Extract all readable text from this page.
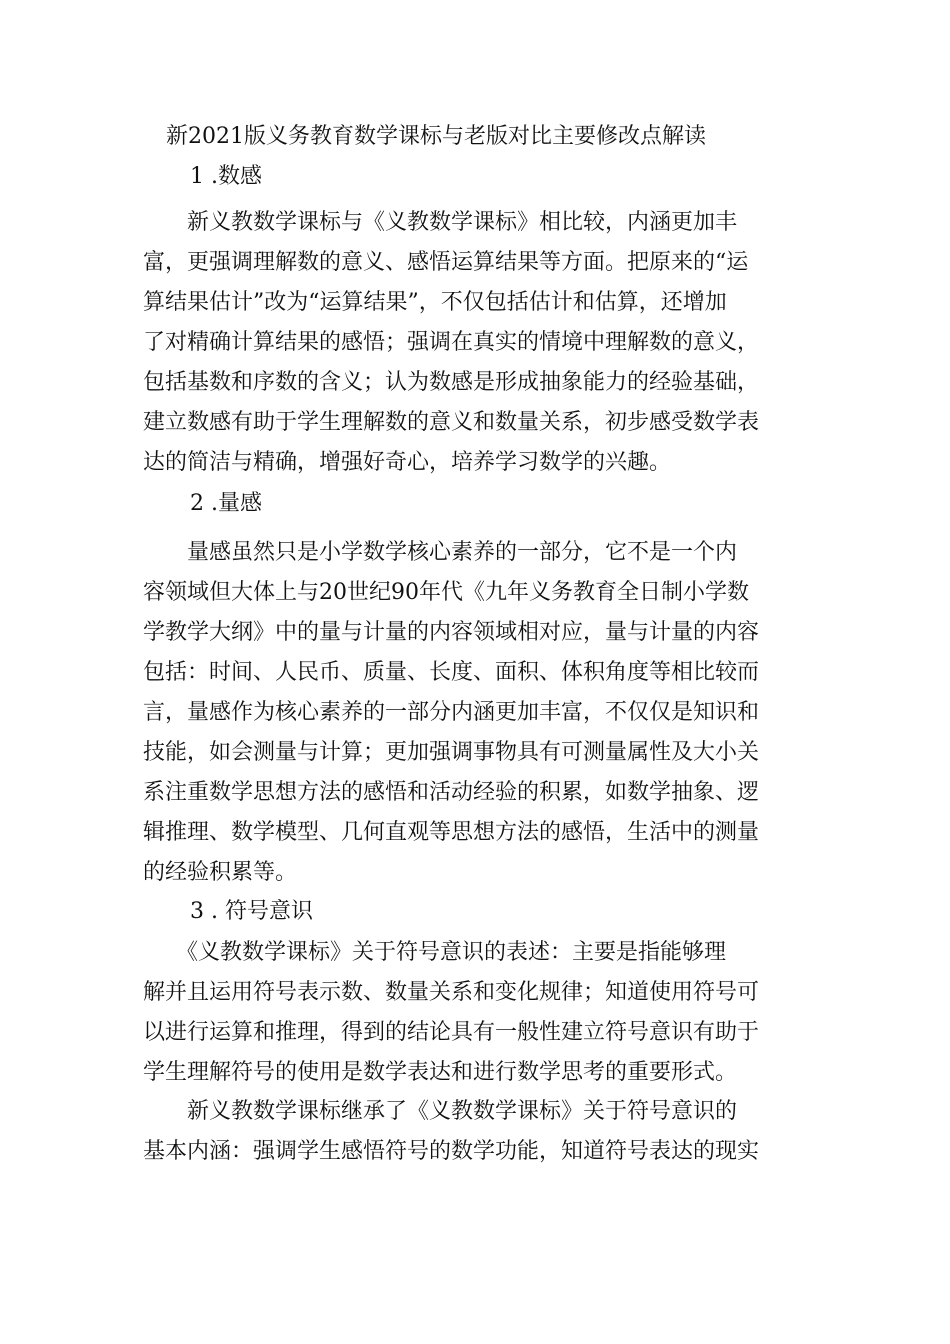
新2021版义务教育数学课标与老版对比主要修改点解读
1 .数感
　　新义教数学课标与《义教数学课标》相比较，内涵更加丰
富，更强调理解数的意义、感悟运算结果等方面。把原来的“运
算结果估计”改为“运算结果”，不仅包括估计和估算，还增加
了对精确计算结果的感悟；强调在真实的情境中理解数的意义，
包括基数和序数的含义；认为数感是形成抽象能力的经验基础，
建立数感有助于学生理解数的意义和数量关系，初步感受数学表
达的简洁与精确，增强好奇心，培养学习数学的兴趣。
2 .量感
　　量感虽然只是小学数学核心素养的一部分，它不是一个内
容领域但大体上与20世纪90年代《九年义务教育全日制小学数
学教学大纲》中的量与计量的内容领域相对应，量与计量的内容
包括：时间、人民币、质量、长度、面积、体积角度等相比较而
言，量感作为核心素养的一部分内涵更加丰富，不仅仅是知识和
技能，如会测量与计算；更加强调事物具有可测量属性及大小关
系注重数学思想方法的感悟和活动经验的积累，如数学抽象、逻
辑推理、数学模型、几何直观等思想方法的感悟，生活中的测量
的经验积累等。
3 . 符号意识
　　《义教数学课标》关于符号意识的表述：主要是指能够理
解并且运用符号表示数、数量关系和变化规律；知道使用符号可
以进行运算和推理，得到的结论具有一般性建立符号意识有助于
学生理解符号的使用是数学表达和进行数学思考的重要形式。
　　新义教数学课标继承了《义教数学课标》关于符号意识的
基本内涵：强调学生感悟符号的数学功能，知道符号表达的现实
